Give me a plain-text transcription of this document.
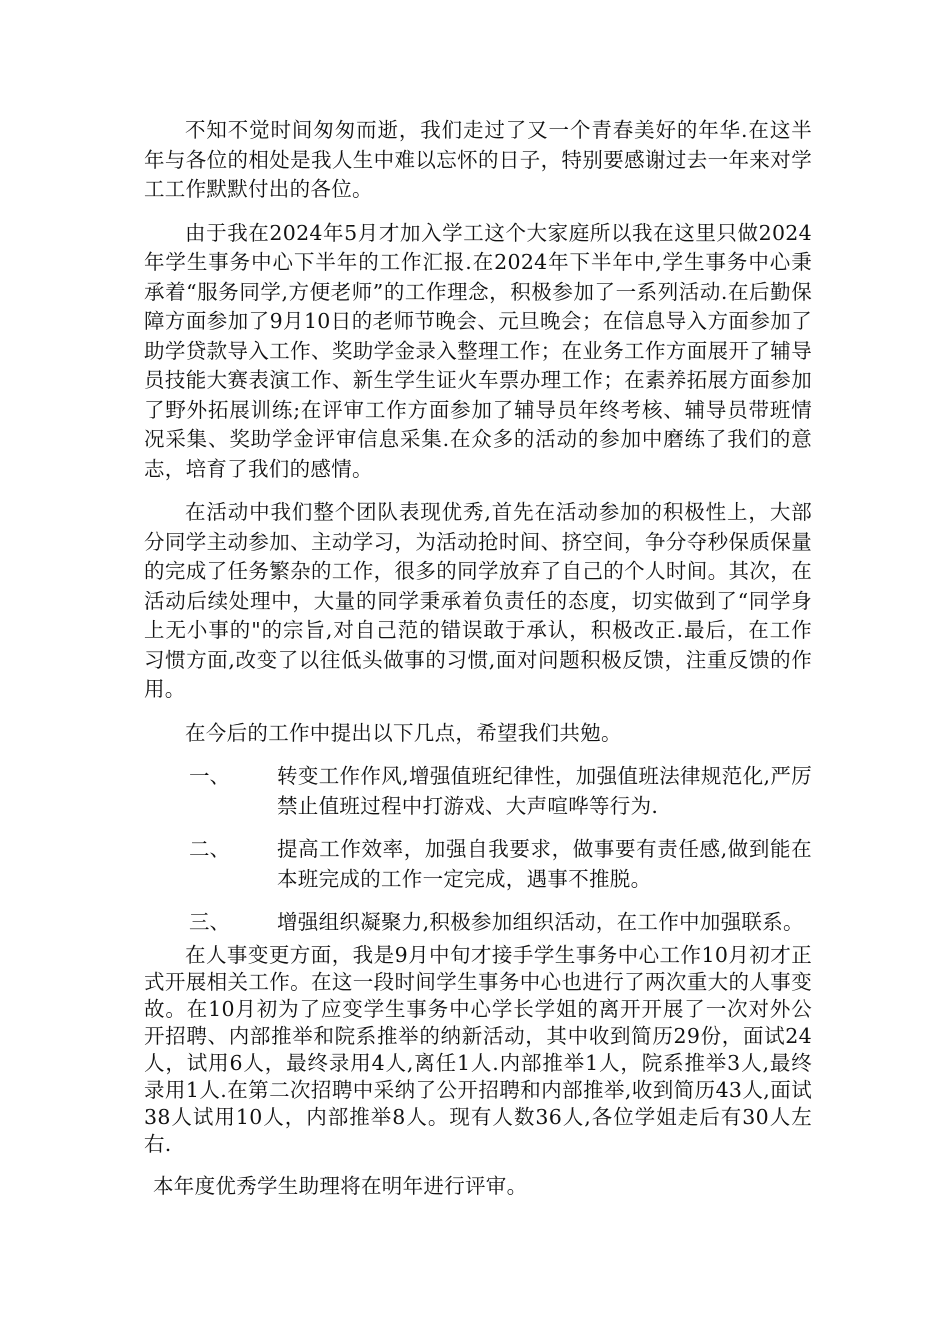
不知不觉时间匆匆而逝，我们走过了又一个青春美好的年华.在这半年与各位的相处是我人生中难以忘怀的日子，特别要感谢过去一年来对学工工作默默付出的各位。

由于我在2024年5月才加入学工这个大家庭所以我在这里只做2024年学生事务中心下半年的工作汇报.在2024年下半年中,学生事务中心秉承着“服务同学,方便老师”的工作理念，积极参加了一系列活动.在后勤保障方面参加了9月10日的老师节晚会、元旦晚会；在信息导入方面参加了助学贷款导入工作、奖助学金录入整理工作；在业务工作方面展开了辅导员技能大赛表演工作、新生学生证火车票办理工作；在素养拓展方面参加了野外拓展训练;在评审工作方面参加了辅导员年终考核、辅导员带班情况采集、奖助学金评审信息采集.在众多的活动的参加中磨练了我们的意志，培育了我们的感情。

在活动中我们整个团队表现优秀,首先在活动参加的积极性上，大部分同学主动参加、主动学习，为活动抢时间、挤空间，争分夺秒保质保量的完成了任务繁杂的工作，很多的同学放弃了自己的个人时间。其次，在活动后续处理中，大量的同学秉承着负责任的态度，切实做到了“同学身上无小事的"的宗旨,对自己范的错误敢于承认，积极改正.最后，在工作习惯方面,改变了以往低头做事的习惯,面对问题积极反馈，注重反馈的作用。

在今后的工作中提出以下几点，希望我们共勉。

一、	转变工作作风,增强值班纪律性，加强值班法律规范化,严厉禁止值班过程中打游戏、大声喧哗等行为.
二、	提高工作效率，加强自我要求，做事要有责任感,做到能在本班完成的工作一定完成，遇事不推脱。
三、	增强组织凝聚力,积极参加组织活动，在工作中加强联系。

在人事变更方面，我是9月中旬才接手学生事务中心工作10月初才正式开展相关工作。在这一段时间学生事务中心也进行了两次重大的人事变故。在10月初为了应变学生事务中心学长学姐的离开开展了一次对外公开招聘、内部推举和院系推举的纳新活动，其中收到简历29份，面试24人，试用6人，最终录用4人,离任1人.内部推举1人，院系推举3人,最终录用1人.在第二次招聘中采纳了公开招聘和内部推举,收到简历43人,面试38人试用10人，内部推举8人。现有人数36人,各位学姐走后有30人左右.

本年度优秀学生助理将在明年进行评审。
